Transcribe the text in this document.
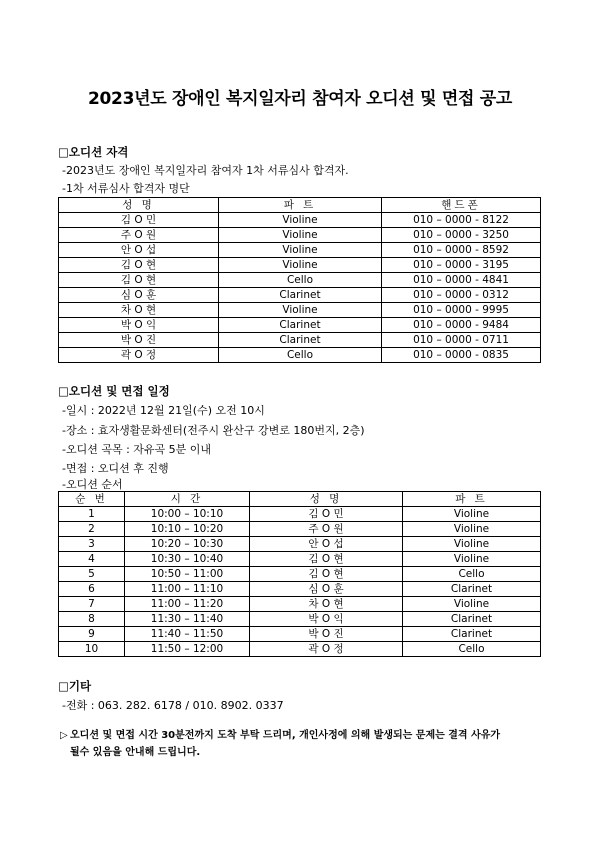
2023년도 장애인 복지일자리 참여자 오디션 및 면접 공고
□오디션 자격
-2023년도 장애인 복지일자리 참여자 1차 서류심사 합격자.
-1차 서류심사 합격자 명단
성 명	파 트	핸드폰
김 O 민	Violine	010 – 0000 - 8122
주 O 원	Violine	010 – 0000 - 3250
안 O 섭	Violine	010 – 0000 - 8592
김 O 현	Violine	010 – 0000 - 3195
김 O 현	Cello	010 – 0000 - 4841
심 O 훈	Clarinet	010 – 0000 - 0312
차 O 현	Violine	010 – 0000 - 9995
박 O 익	Clarinet	010 – 0000 - 9484
박 O 진	Clarinet	010 – 0000 - 0711
곽 O 정	Cello	010 – 0000 - 0835
□오디션 및 면접 일정
-일시 : 2022년 12월 21일(수) 오전 10시
-장소 : 효자생활문화센터(전주시 완산구 강변로 180번지, 2층)
-오디션 곡목 : 자유곡 5분 이내
-면접 : 오디션 후 진행
-오디션 순서
순 번	시 간	성 명	파 트
1	10:00 – 10:10	김 O 민	Violine
2	10:10 – 10:20	주 O 원	Violine
3	10:20 – 10:30	안 O 섭	Violine
4	10:30 – 10:40	김 O 현	Violine
5	10:50 – 11:00	김 O 현	Cello
6	11:00 – 11:10	심 O 훈	Clarinet
7	11:00 – 11:20	차 O 현	Violine
8	11:30 – 11:40	박 O 익	Clarinet
9	11:40 – 11:50	박 O 진	Clarinet
10	11:50 – 12:00	곽 O 정	Cello
□기타
-전화 : 063. 282. 6178 / 010. 8902. 0337
▷ 오디션 및 면접 시간 30분전까지 도착 부탁 드리며, 개인사정에 의해 발생되는 문제는 결격 사유가
될수 있음을 안내해 드립니다.
